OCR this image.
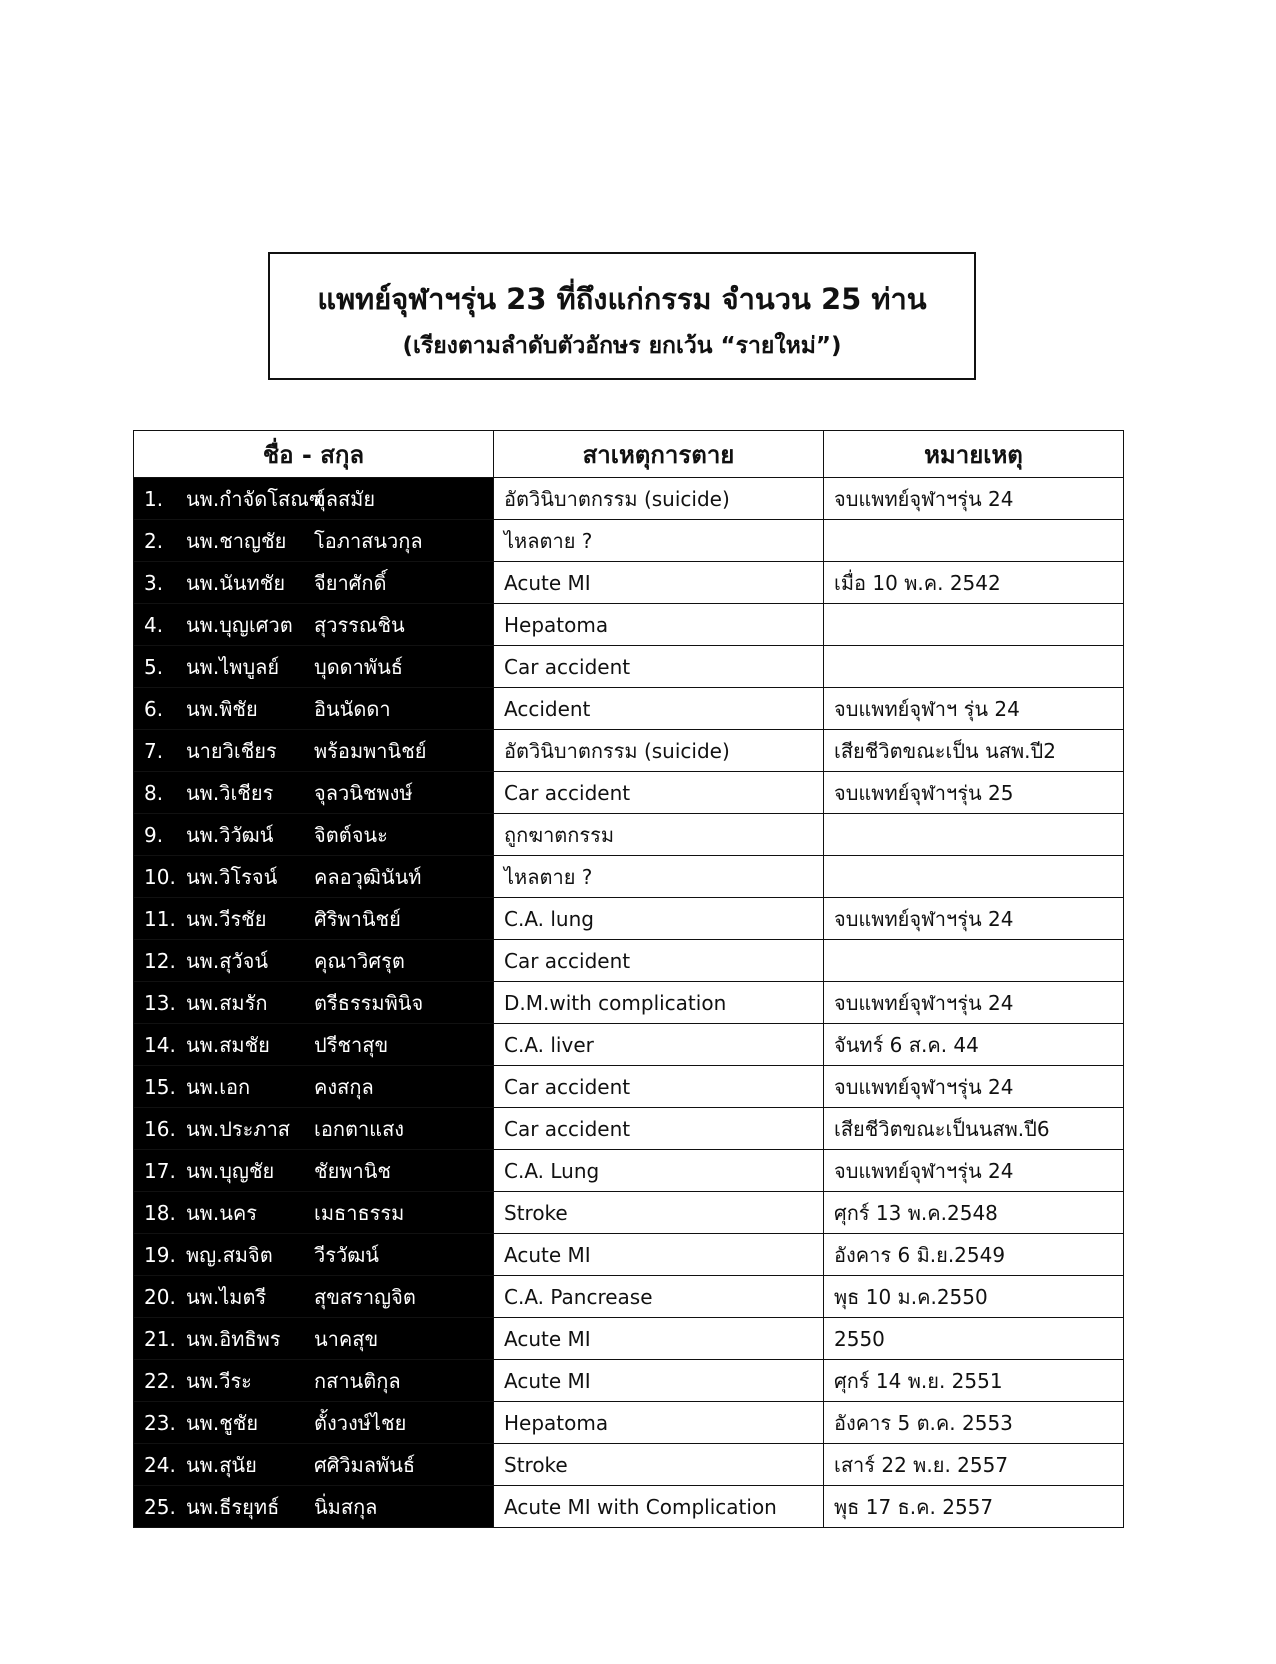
แพทย์จุฬาฯรุ่น 23 ที่ถึงแก่กรรม จำนวน 25 ท่าน
(เรียงตามลำดับตัวอักษร ยกเว้น “รายใหม่”)
ชื่อ - สกุล	สาเหตุการตาย	หมายเหตุ
1. นพ.กำจัดโสณฑ์จุลสมัย	อัตวินิบาตกรรม (suicide)	จบแพทย์จุฬาฯรุ่น 24
2. นพ.ชาญชัย โอภาสนวกุล	ไหลตาย ?	
3. นพ.นันทชัย จียาศักดิ์	Acute MI	เมื่อ 10 พ.ค. 2542
4. นพ.บุญเศวต สุวรรณชิน	Hepatoma	
5. นพ.ไพบูลย์ บุดดาพันธ์	Car accident	
6. นพ.พิชัย อินนัดดา	Accident	จบแพทย์จุฬาฯ รุ่น 24
7. นายวิเชียร พร้อมพานิชย์	อัตวินิบาตกรรม (suicide)	เสียชีวิตขณะเป็น นสพ.ปี2
8. นพ.วิเชียร จุลวนิชพงษ์	Car accident	จบแพทย์จุฬาฯรุ่น 25
9. นพ.วิวัฒน์ จิตต์จนะ	ถูกฆาตกรรม	
10. นพ.วิโรจน์ คลอวุฒินันท์	ไหลตาย ?	
11. นพ.วีรชัย ศิริพานิชย์	C.A. lung	จบแพทย์จุฬาฯรุ่น 24
12. นพ.สุวัจน์ คุณาวิศรุต	Car accident	
13. นพ.สมรัก ตรีธรรมพินิจ	D.M.with complication	จบแพทย์จุฬาฯรุ่น 24
14. นพ.สมชัย ปรีชาสุข	C.A. liver	จันทร์ 6 ส.ค. 44
15. นพ.เอก คงสกุล	Car accident	จบแพทย์จุฬาฯรุ่น 24
16. นพ.ประภาส เอกตาแสง	Car accident	เสียชีวิตขณะเป็นนสพ.ปี6
17. นพ.บุญชัย ชัยพานิช	C.A. Lung	จบแพทย์จุฬาฯรุ่น 24
18. นพ.นคร เมธาธรรม	Stroke	ศุกร์ 13 พ.ค.2548
19. พญ.สมจิต วีรวัฒน์	Acute MI	อังคาร 6 มิ.ย.2549
20. นพ.ไมตรี สุขสราญจิต	C.A. Pancrease	พุธ 10 ม.ค.2550
21. นพ.อิทธิพร นาคสุข	Acute MI	2550
22. นพ.วีระ กสานติกุล	Acute MI	ศุกร์ 14 พ.ย. 2551
23. นพ.ชูชัย ตั้งวงษ์ไชย	Hepatoma	อังคาร 5 ต.ค. 2553
24. นพ.สุนัย ศศิวิมลพันธ์	Stroke	เสาร์ 22 พ.ย. 2557
25. นพ.ธีรยุทธ์ นิ่มสกุล	Acute MI with Complication	พุธ 17 ธ.ค. 2557
